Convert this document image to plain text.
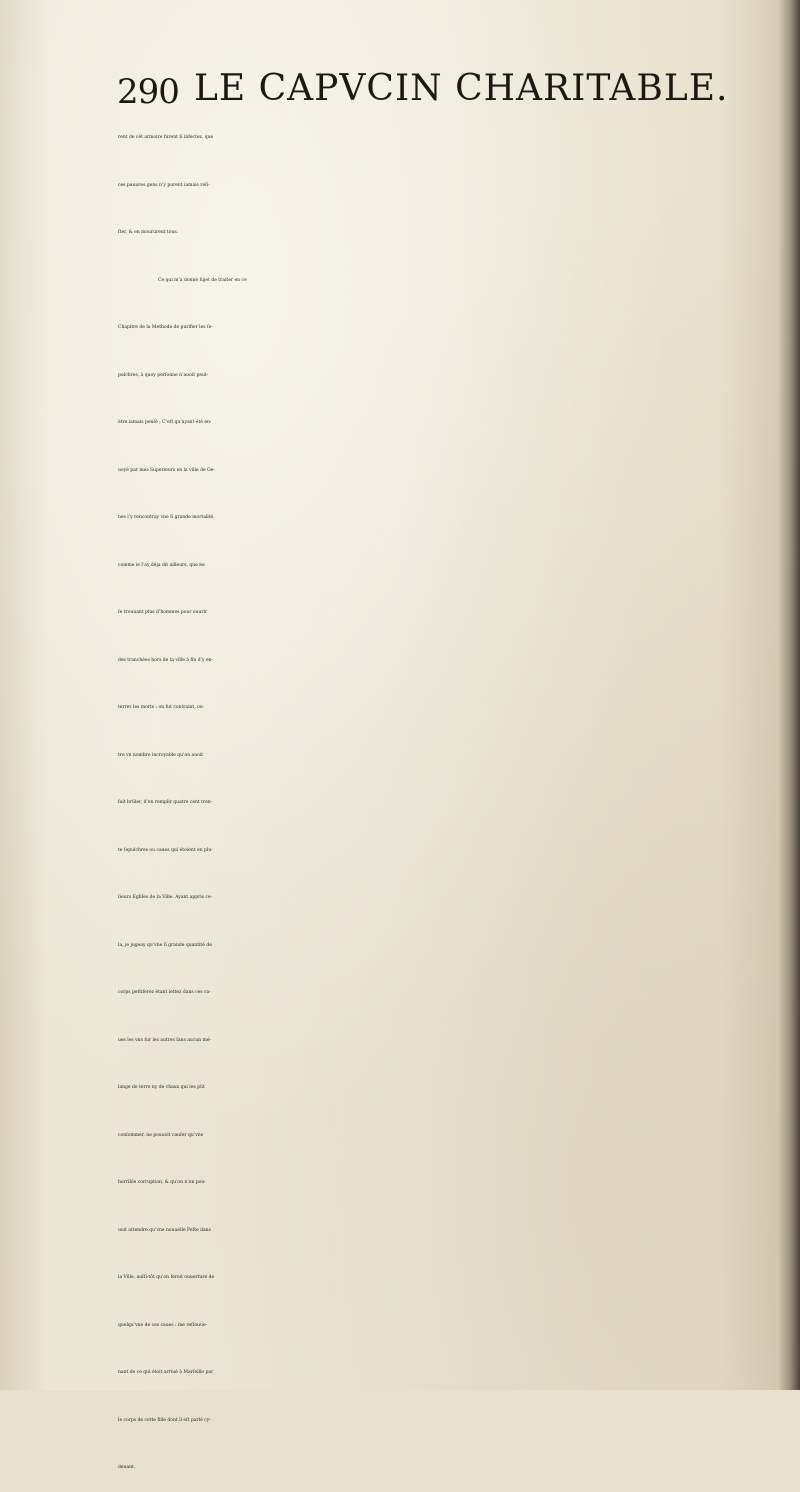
290 LE CAPVCIN CHARITABLE.
rent de cêt armoire furent ſi infectez, que
ces pauures gens n’y purent iamais reſi-
ſter, & en moururent tous.
Ce qui m’a donné ſujet de traiter en ce
Chapitre de la Methode de purifier les ſe-
pulchres, à quoy perſonne n’auoit peut-
étre iamais penſé ; C’eſt qu’ayant été en-
uoyé par mes Superieurs en la ville de Ge-
nes i’y rencontray vne ſi grande mortalité,
comme ie l’ay déja dit ailleurs, que ne
ſe trouuant plus d’hommes pour ouurir
des tranchées hors de la ville à fin d’y en-
terrer les morts : on fut contraint, ou-
tre vn nombre incroyable qu’on auoit
fait brûler, d’en remplir quatre cent tren-
te ſepulchres ou caues qui étoient en plu-
ſieurs Egliſes de la Ville. Ayant appris ce-
la, je jugeay qu’vne ſi grande quantité de
corps peſtiferez étant iettez dans ces ca-
ues les vns ſur les autres ſans aucun mé-
lange de terre ny de chaux qui les pût
conſommer, ne pouuoit cauſer qu’vne
horrible corruption, & qu’on n’en pou-
uoit attendre qu’vne nouuelle Peſte dans
la Ville, auſſi-tôt qu’on feroit ouuerture de
quelqu’vne de ces caues : me reſſouue-
nant de ce qui étoit arriué à Marſeille par
le corps de cette fille dont il eſt parlé cy-
deuant.
